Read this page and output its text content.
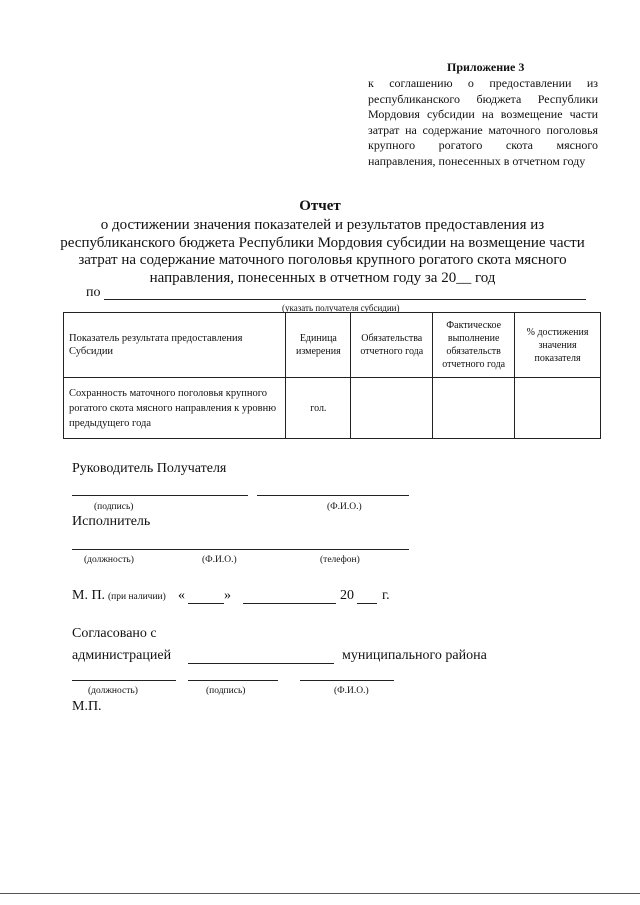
Приложение 3
к соглашению о предоставлении из республиканского бюджета Республики Мордовия субсидии на возмещение части затрат на содержание маточного поголовья крупного рогатого скота мясного направления, понесенных в отчетном году
Отчет
о достижении значения показателей и результатов предоставления из республиканского бюджета Республики Мордовия субсидии на возмещение части затрат на содержание маточного поголовья крупного рогатого скота мясного направления, понесенных в отчетном году за 20__ год
по
(указать получателя субсидии)
Показатель результата предоставления Субсидии	Единица измерения	Обязательства отчетного года	Фактическое выполнение обязательств отчетного года	% достижения значения показателя
Сохранность маточного поголовья крупного рогатого скота мясного направления к уровню предыдущего года	гол.			
Руководитель Получателя
(подпись)	(Ф.И.О.)
Исполнитель
(должность)	(Ф.И.О.)	(телефон)
М. П. (при наличии) «	»	20 г.
Согласовано с
администрацией	муниципального района
(должность)	(подпись)	(Ф.И.О.)
М.П.
